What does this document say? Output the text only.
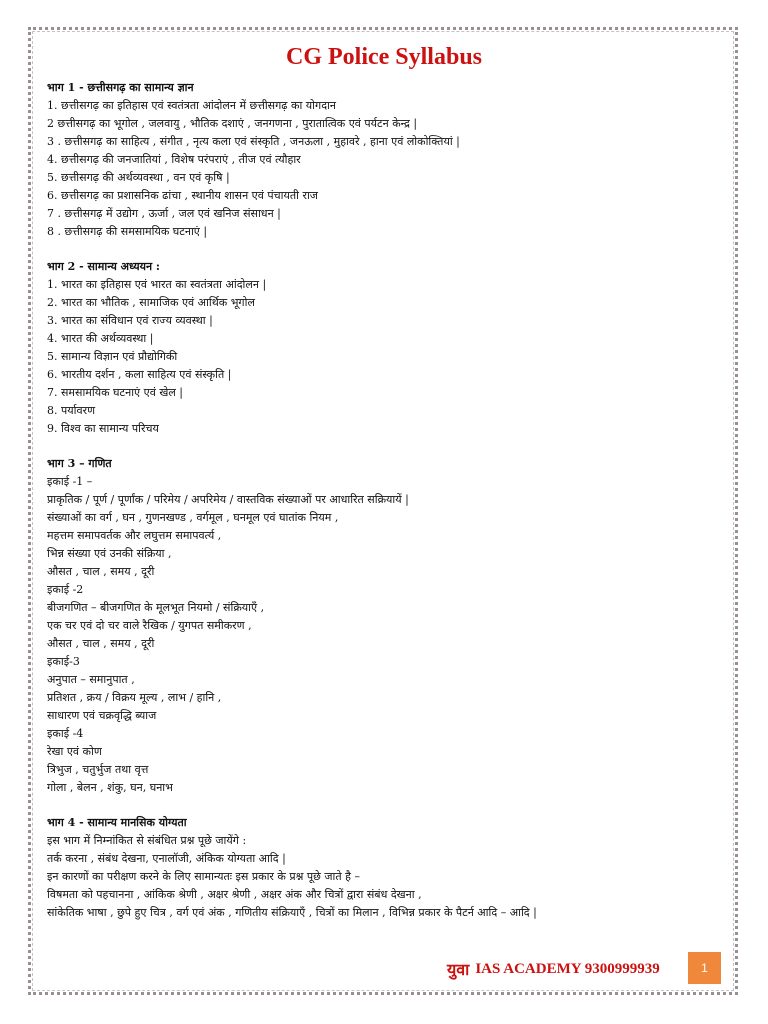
CG Police Syllabus

भाग 1 - छत्तीसगढ़ का सामान्य ज्ञान

1. छत्तीसगढ़ का इतिहास एवं स्वतंत्रता आंदोलन में छत्तीसगढ़ का योगदान

2 छत्तीसगढ़ का भूगोल , जलवायु , भौतिक दशाएं , जनगणना , पुरातात्विक एवं पर्यटन केन्द्र |

3 . छत्तीसगढ़ का साहित्य , संगीत , नृत्य कला एवं संस्कृति , जनऊला , मुहावरे , हाना एवं लोकोक्तियां |

4. छत्तीसगढ़ की जनजातियां , विशेष परंपराएं , तीज एवं त्यौहार

5. छत्तीसगढ़ की अर्थव्यवस्था , वन एवं कृषि |

6. छत्तीसगढ़ का प्रशासनिक ढांचा , स्थानीय शासन एवं पंचायती राज

7 . छत्तीसगढ़ में उद्योग , ऊर्जा , जल एवं खनिज संसाधन |

8 . छत्तीसगढ़ की समसामयिक घटनाएं |

भाग 2 - सामान्य अध्ययन :

1. भारत का इतिहास एवं भारत का स्वतंत्रता आंदोलन |

2. भारत का भौतिक , सामाजिक एवं आर्थिक भूगोल

3. भारत का संविधान एवं राज्य व्यवस्था |

4. भारत की अर्थव्यवस्था |

5. सामान्य विज्ञान एवं प्रौद्योगिकी

6. भारतीय दर्शन , कला साहित्य एवं संस्कृति |

7. समसामयिक घटनाएं एवं खेल |

8. पर्यावरण

9. विश्व का सामान्य परिचय

भाग 3 – गणित

इकाई -1 –

प्राकृतिक / पूर्ण / पूर्णांक / परिमेय / अपरिमेय / वास्तविक संख्याओं पर आधारित सक्रियायें |

संख्याओं का वर्ग , घन , गुणनखण्ड , वर्गमूल , घनमूल एवं घातांक नियम ,

महत्तम समापवर्तक और लघुत्तम समापवर्त्य ,

भिन्न संख्या एवं उनकी संक्रिया ,

औसत , चाल , समय , दूरी

इकाई -2

बीजगणित – बीजगणित के मूलभूत नियमो / संक्रियाएँ ,

एक चर एवं दो चर वाले रैखिक / युगपत समीकरण ,

औसत , चाल , समय , दूरी

इकाई-3

अनुपात – समानुपात ,

प्रतिशत , क्रय / विक्रय मूल्य , लाभ / हानि ,

साधारण एवं चक्रवृद्धि ब्याज

इकाई -4

रेखा एवं कोण

त्रिभुज , चतुर्भुज तथा वृत्त

गोला , बेलन , शंकु, घन, घनाभ

भाग 4 - सामान्य मानसिक योग्यता

इस भाग में निम्नांकित से संबंधित प्रश्न पूछे जायेंगे :

तर्क करना , संबंध देखना, एनालॉजी, अंकिक योग्यता आदि |

इन कारणों का परीक्षण करने के लिए सामान्यतः इस प्रकार के प्रश्न पूछे जाते है –

विषमता को पहचानना , आंकिक श्रेणी , अक्षर श्रेणी , अक्षर अंक और चित्रों द्वारा संबंध देखना ,

सांकेतिक भाषा , छुपे हुए चित्र , वर्ग एवं अंक , गणितीय संक्रियाएँ , चित्रों का मिलान , विभिन्न प्रकार के पैटर्न आदि – आदि |

युवा IAS ACADEMY 9300999939	1
